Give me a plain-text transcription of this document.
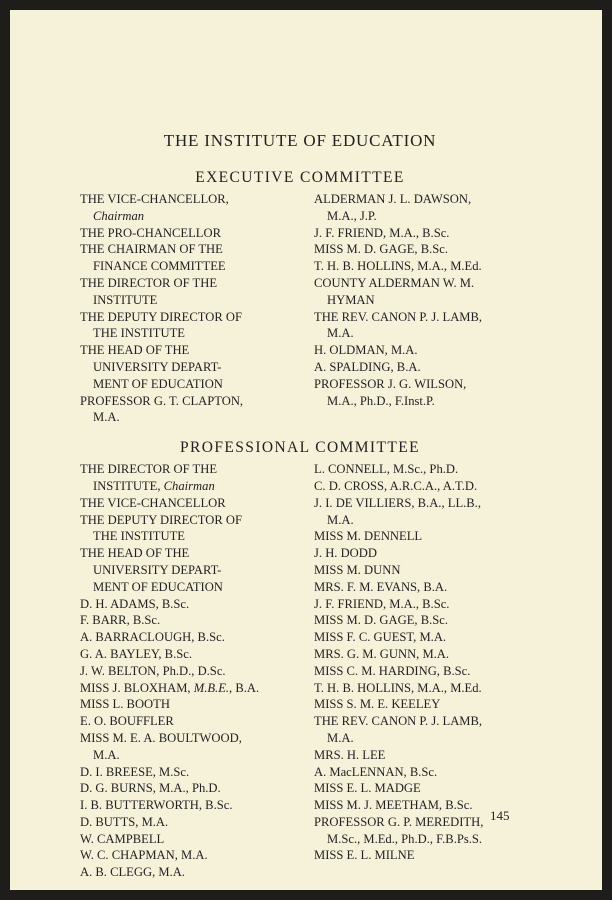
THE INSTITUTE OF EDUCATION
EXECUTIVE COMMITTEE
THE VICE-CHANCELLOR,
Chairman
THE PRO-CHANCELLOR
THE CHAIRMAN OF THE
FINANCE COMMITTEE
THE DIRECTOR OF THE
INSTITUTE
THE DEPUTY DIRECTOR OF
THE INSTITUTE
THE HEAD OF THE
UNIVERSITY DEPART-
MENT OF EDUCATION
PROFESSOR G. T. CLAPTON,
M.A.
ALDERMAN J. L. DAWSON,
M.A., J.P.
J. F. FRIEND, M.A., B.Sc.
MISS M. D. GAGE, B.Sc.
T. H. B. HOLLINS, M.A., M.Ed.
COUNTY ALDERMAN W. M.
HYMAN
THE REV. CANON P. J. LAMB,
M.A.
H. OLDMAN, M.A.
A. SPALDING, B.A.
PROFESSOR J. G. WILSON,
M.A., Ph.D., F.Inst.P.
PROFESSIONAL COMMITTEE
THE DIRECTOR OF THE
INSTITUTE, Chairman
THE VICE-CHANCELLOR
THE DEPUTY DIRECTOR OF
THE INSTITUTE
THE HEAD OF THE
UNIVERSITY DEPART-
MENT OF EDUCATION
D. H. ADAMS, B.Sc.
F. BARR, B.Sc.
A. BARRACLOUGH, B.Sc.
G. A. BAYLEY, B.Sc.
J. W. BELTON, Ph.D., D.Sc.
MISS J. BLOXHAM, M.B.E., B.A.
MISS L. BOOTH
E. O. BOUFFLER
MISS M. E. A. BOULTWOOD,
M.A.
D. I. BREESE, M.Sc.
D. G. BURNS, M.A., Ph.D.
I. B. BUTTERWORTH, B.Sc.
D. BUTTS, M.A.
W. CAMPBELL
W. C. CHAPMAN, M.A.
A. B. CLEGG, M.A.
L. CONNELL, M.Sc., Ph.D.
C. D. CROSS, A.R.C.A., A.T.D.
J. I. DE VILLIERS, B.A., LL.B.,
M.A.
MISS M. DENNELL
J. H. DODD
MISS M. DUNN
MRS. F. M. EVANS, B.A.
J. F. FRIEND, M.A., B.Sc.
MISS M. D. GAGE, B.Sc.
MISS F. C. GUEST, M.A.
MRS. G. M. GUNN, M.A.
MISS C. M. HARDING, B.Sc.
T. H. B. HOLLINS, M.A., M.Ed.
MISS S. M. E. KEELEY
THE REV. CANON P. J. LAMB,
M.A.
MRS. H. LEE
A. MacLENNAN, B.Sc.
MISS E. L. MADGE
MISS M. J. MEETHAM, B.Sc.
PROFESSOR G. P. MEREDITH,
M.Sc., M.Ed., Ph.D., F.B.Ps.S.
MISS E. L. MILNE
145
